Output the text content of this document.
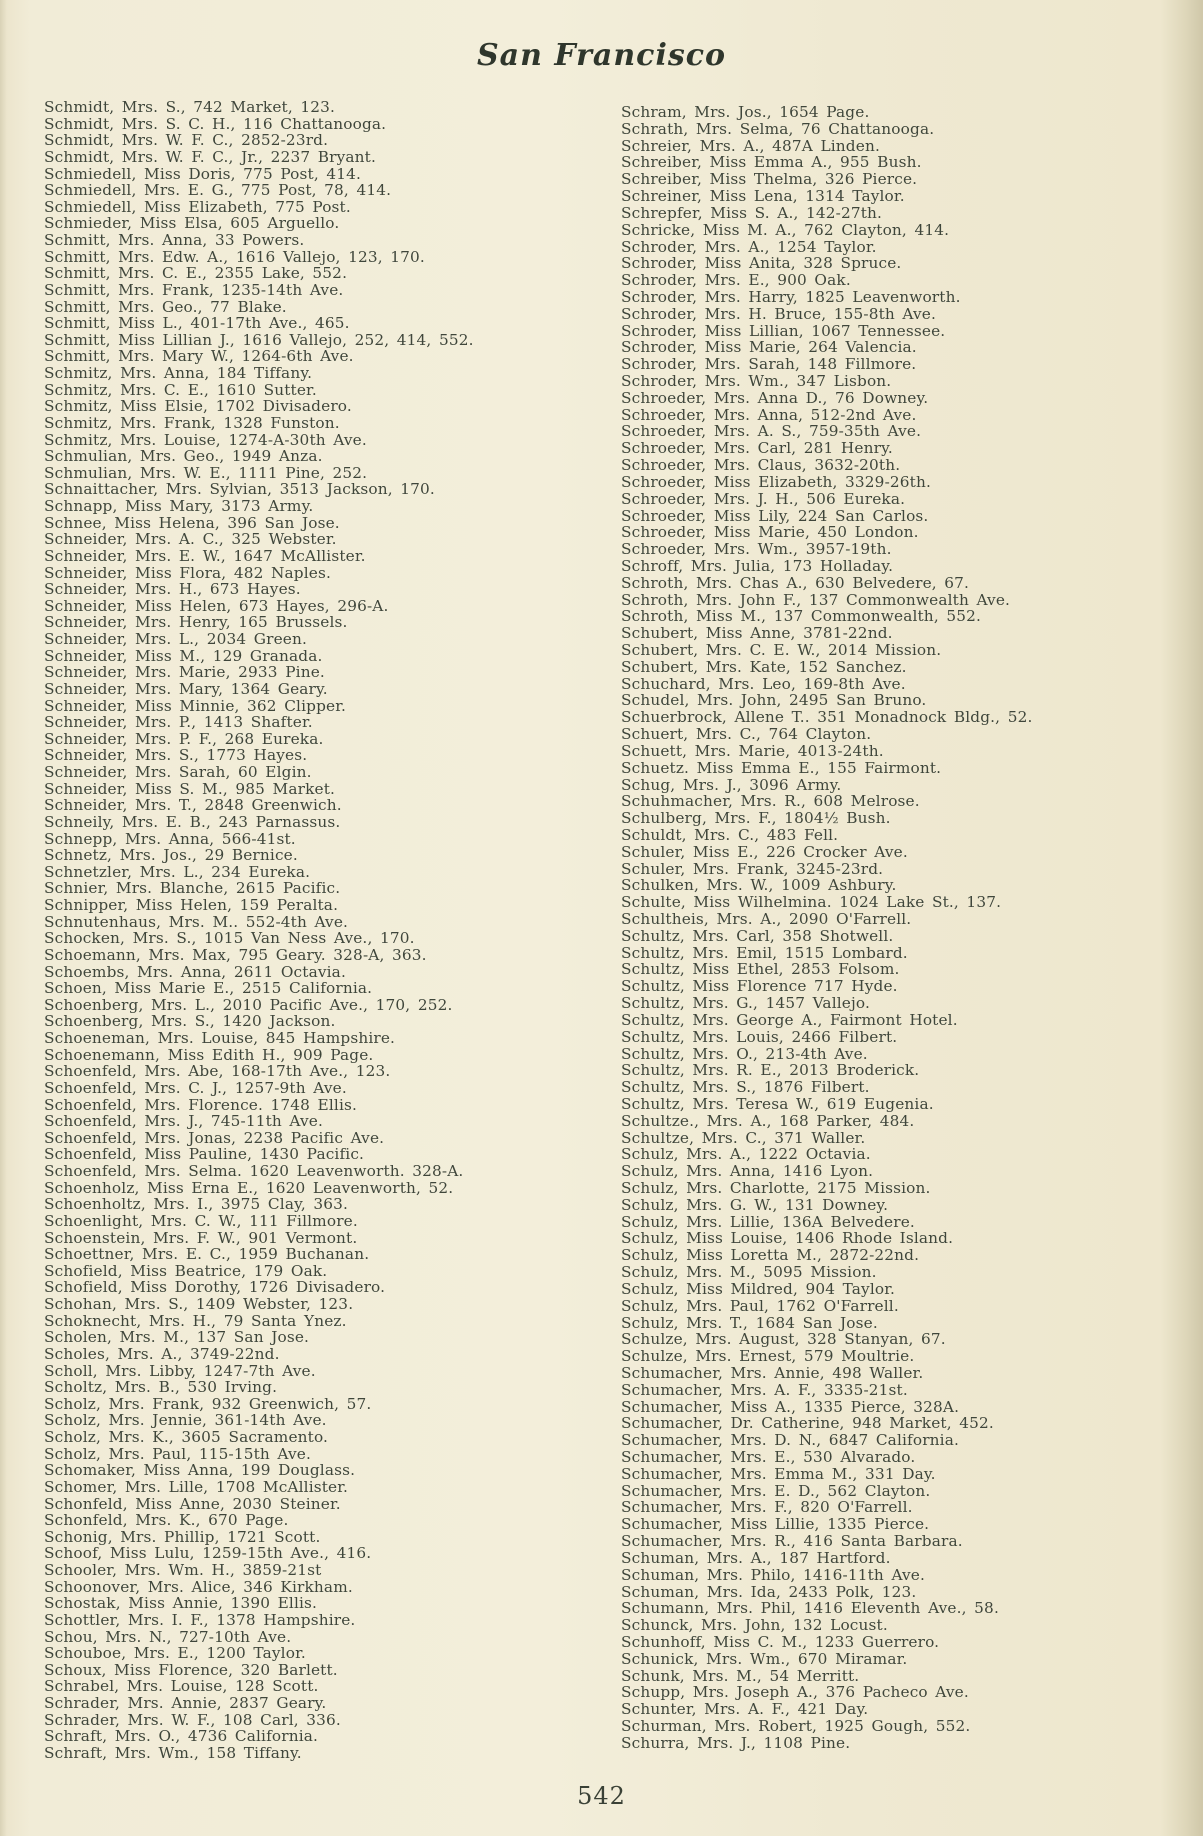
San Francisco
Schmidt, Mrs. S., 742 Market, 123.
Schmidt, Mrs. S. C. H., 116 Chattanooga.
Schmidt, Mrs. W. F. C., 2852-23rd.
Schmidt, Mrs. W. F. C., Jr., 2237 Bryant.
Schmiedell, Miss Doris, 775 Post, 414.
Schmiedell, Mrs. E. G., 775 Post, 78, 414.
Schmiedell, Miss Elizabeth, 775 Post.
Schmieder, Miss Elsa, 605 Arguello.
Schmitt, Mrs. Anna, 33 Powers.
Schmitt, Mrs. Edw. A., 1616 Vallejo, 123, 170.
Schmitt, Mrs. C. E., 2355 Lake, 552.
Schmitt, Mrs. Frank, 1235-14th Ave.
Schmitt, Mrs. Geo., 77 Blake.
Schmitt, Miss L., 401-17th Ave., 465.
Schmitt, Miss Lillian J., 1616 Vallejo, 252, 414, 552.
Schmitt, Mrs. Mary W., 1264-6th Ave.
Schmitz, Mrs. Anna, 184 Tiffany.
Schmitz, Mrs. C. E., 1610 Sutter.
Schmitz, Miss Elsie, 1702 Divisadero.
Schmitz, Mrs. Frank, 1328 Funston.
Schmitz, Mrs. Louise, 1274-A-30th Ave.
Schmulian, Mrs. Geo., 1949 Anza.
Schmulian, Mrs. W. E., 1111 Pine, 252.
Schnaittacher, Mrs. Sylvian, 3513 Jackson, 170.
Schnapp, Miss Mary, 3173 Army.
Schnee, Miss Helena, 396 San Jose.
Schneider, Mrs. A. C., 325 Webster.
Schneider, Mrs. E. W., 1647 McAllister.
Schneider, Miss Flora, 482 Naples.
Schneider, Mrs. H., 673 Hayes.
Schneider, Miss Helen, 673 Hayes, 296-A.
Schneider, Mrs. Henry, 165 Brussels.
Schneider, Mrs. L., 2034 Green.
Schneider, Miss M., 129 Granada.
Schneider, Mrs. Marie, 2933 Pine.
Schneider, Mrs. Mary, 1364 Geary.
Schneider, Miss Minnie, 362 Clipper.
Schneider, Mrs. P., 1413 Shafter.
Schneider, Mrs. P. F., 268 Eureka.
Schneider, Mrs. S., 1773 Hayes.
Schneider, Mrs. Sarah, 60 Elgin.
Schneider, Miss S. M., 985 Market.
Schneider, Mrs. T., 2848 Greenwich.
Schneily, Mrs. E. B., 243 Parnassus.
Schnepp, Mrs. Anna, 566-41st.
Schnetz, Mrs. Jos., 29 Bernice.
Schnetzler, Mrs. L., 234 Eureka.
Schnier, Mrs. Blanche, 2615 Pacific.
Schnipper, Miss Helen, 159 Peralta.
Schnutenhaus, Mrs. M.. 552-4th Ave.
Schocken, Mrs. S., 1015 Van Ness Ave., 170.
Schoemann, Mrs. Max, 795 Geary. 328-A, 363.
Schoembs, Mrs. Anna, 2611 Octavia.
Schoen, Miss Marie E., 2515 California.
Schoenberg, Mrs. L., 2010 Pacific Ave., 170, 252.
Schoenberg, Mrs. S., 1420 Jackson.
Schoeneman, Mrs. Louise, 845 Hampshire.
Schoenemann, Miss Edith H., 909 Page.
Schoenfeld, Mrs. Abe, 168-17th Ave., 123.
Schoenfeld, Mrs. C. J., 1257-9th Ave.
Schoenfeld, Mrs. Florence. 1748 Ellis.
Schoenfeld, Mrs. J., 745-11th Ave.
Schoenfeld, Mrs. Jonas, 2238 Pacific Ave.
Schoenfeld, Miss Pauline, 1430 Pacific.
Schoenfeld, Mrs. Selma. 1620 Leavenworth. 328-A.
Schoenholz, Miss Erna E., 1620 Leavenworth, 52.
Schoenholtz, Mrs. I., 3975 Clay, 363.
Schoenlight, Mrs. C. W., 111 Fillmore.
Schoenstein, Mrs. F. W., 901 Vermont.
Schoettner, Mrs. E. C., 1959 Buchanan.
Schofield, Miss Beatrice, 179 Oak.
Schofield, Miss Dorothy, 1726 Divisadero.
Schohan, Mrs. S., 1409 Webster, 123.
Schoknecht, Mrs. H., 79 Santa Ynez.
Scholen, Mrs. M., 137 San Jose.
Scholes, Mrs. A., 3749-22nd.
Scholl, Mrs. Libby, 1247-7th Ave.
Scholtz, Mrs. B., 530 Irving.
Scholz, Mrs. Frank, 932 Greenwich, 57.
Scholz, Mrs. Jennie, 361-14th Ave.
Scholz, Mrs. K., 3605 Sacramento.
Scholz, Mrs. Paul, 115-15th Ave.
Schomaker, Miss Anna, 199 Douglass.
Schomer, Mrs. Lille, 1708 McAllister.
Schonfeld, Miss Anne, 2030 Steiner.
Schonfeld, Mrs. K., 670 Page.
Schonig, Mrs. Phillip, 1721 Scott.
Schoof, Miss Lulu, 1259-15th Ave., 416.
Schooler, Mrs. Wm. H., 3859-21st
Schoonover, Mrs. Alice, 346 Kirkham.
Schostak, Miss Annie, 1390 Ellis.
Schottler, Mrs. I. F., 1378 Hampshire.
Schou, Mrs. N., 727-10th Ave.
Schouboe, Mrs. E., 1200 Taylor.
Schoux, Miss Florence, 320 Barlett.
Schrabel, Mrs. Louise, 128 Scott.
Schrader, Mrs. Annie, 2837 Geary.
Schrader, Mrs. W. F., 108 Carl, 336.
Schraft, Mrs. O., 4736 California.
Schraft, Mrs. Wm., 158 Tiffany.
Schram, Mrs. Jos., 1654 Page.
Schrath, Mrs. Selma, 76 Chattanooga.
Schreier, Mrs. A., 487A Linden.
Schreiber, Miss Emma A., 955 Bush.
Schreiber, Miss Thelma, 326 Pierce.
Schreiner, Miss Lena, 1314 Taylor.
Schrepfer, Miss S. A., 142-27th.
Schricke, Miss M. A., 762 Clayton, 414.
Schroder, Mrs. A., 1254 Taylor.
Schroder, Miss Anita, 328 Spruce.
Schroder, Mrs. E., 900 Oak.
Schroder, Mrs. Harry, 1825 Leavenworth.
Schroder, Mrs. H. Bruce, 155-8th Ave.
Schroder, Miss Lillian, 1067 Tennessee.
Schroder, Miss Marie, 264 Valencia.
Schroder, Mrs. Sarah, 148 Fillmore.
Schroder, Mrs. Wm., 347 Lisbon.
Schroeder, Mrs. Anna D., 76 Downey.
Schroeder, Mrs. Anna, 512-2nd Ave.
Schroeder, Mrs. A. S., 759-35th Ave.
Schroeder, Mrs. Carl, 281 Henry.
Schroeder, Mrs. Claus, 3632-20th.
Schroeder, Miss Elizabeth, 3329-26th.
Schroeder, Mrs. J. H., 506 Eureka.
Schroeder, Miss Lily, 224 San Carlos.
Schroeder, Miss Marie, 450 London.
Schroeder, Mrs. Wm., 3957-19th.
Schroff, Mrs. Julia, 173 Holladay.
Schroth, Mrs. Chas A., 630 Belvedere, 67.
Schroth, Mrs. John F., 137 Commonwealth Ave.
Schroth, Miss M., 137 Commonwealth, 552.
Schubert, Miss Anne, 3781-22nd.
Schubert, Mrs. C. E. W., 2014 Mission.
Schubert, Mrs. Kate, 152 Sanchez.
Schuchard, Mrs. Leo, 169-8th Ave.
Schudel, Mrs. John, 2495 San Bruno.
Schuerbrock, Allene T.. 351 Monadnock Bldg., 52.
Schuert, Mrs. C., 764 Clayton.
Schuett, Mrs. Marie, 4013-24th.
Schuetz. Miss Emma E., 155 Fairmont.
Schug, Mrs. J., 3096 Army.
Schuhmacher, Mrs. R., 608 Melrose.
Schulberg, Mrs. F., 1804½ Bush.
Schuldt, Mrs. C., 483 Fell.
Schuler, Miss E., 226 Crocker Ave.
Schuler, Mrs. Frank, 3245-23rd.
Schulken, Mrs. W., 1009 Ashbury.
Schulte, Miss Wilhelmina. 1024 Lake St., 137.
Schultheis, Mrs. A., 2090 O'Farrell.
Schultz, Mrs. Carl, 358 Shotwell.
Schultz, Mrs. Emil, 1515 Lombard.
Schultz, Miss Ethel, 2853 Folsom.
Schultz, Miss Florence 717 Hyde.
Schultz, Mrs. G., 1457 Vallejo.
Schultz, Mrs. George A., Fairmont Hotel.
Schultz, Mrs. Louis, 2466 Filbert.
Schultz, Mrs. O., 213-4th Ave.
Schultz, Mrs. R. E., 2013 Broderick.
Schultz, Mrs. S., 1876 Filbert.
Schultz, Mrs. Teresa W., 619 Eugenia.
Schultze., Mrs. A., 168 Parker, 484.
Schultze, Mrs. C., 371 Waller.
Schulz, Mrs. A., 1222 Octavia.
Schulz, Mrs. Anna, 1416 Lyon.
Schulz, Mrs. Charlotte, 2175 Mission.
Schulz, Mrs. G. W., 131 Downey.
Schulz, Mrs. Lillie, 136A Belvedere.
Schulz, Miss Louise, 1406 Rhode Island.
Schulz, Miss Loretta M., 2872-22nd.
Schulz, Mrs. M., 5095 Mission.
Schulz, Miss Mildred, 904 Taylor.
Schulz, Mrs. Paul, 1762 O'Farrell.
Schulz, Mrs. T., 1684 San Jose.
Schulze, Mrs. August, 328 Stanyan, 67.
Schulze, Mrs. Ernest, 579 Moultrie.
Schumacher, Mrs. Annie, 498 Waller.
Schumacher, Mrs. A. F., 3335-21st.
Schumacher, Miss A., 1335 Pierce, 328A.
Schumacher, Dr. Catherine, 948 Market, 452.
Schumacher, Mrs. D. N., 6847 California.
Schumacher, Mrs. E., 530 Alvarado.
Schumacher, Mrs. Emma M., 331 Day.
Schumacher, Mrs. E. D., 562 Clayton.
Schumacher, Mrs. F., 820 O'Farrell.
Schumacher, Miss Lillie, 1335 Pierce.
Schumacher, Mrs. R., 416 Santa Barbara.
Schuman, Mrs. A., 187 Hartford.
Schuman, Mrs. Philo, 1416-11th Ave.
Schuman, Mrs. Ida, 2433 Polk, 123.
Schumann, Mrs. Phil, 1416 Eleventh Ave., 58.
Schunck, Mrs. John, 132 Locust.
Schunhoff, Miss C. M., 1233 Guerrero.
Schunick, Mrs. Wm., 670 Miramar.
Schunk, Mrs. M., 54 Merritt.
Schupp, Mrs. Joseph A., 376 Pacheco Ave.
Schunter, Mrs. A. F., 421 Day.
Schurman, Mrs. Robert, 1925 Gough, 552.
Schurra, Mrs. J., 1108 Pine.
542
